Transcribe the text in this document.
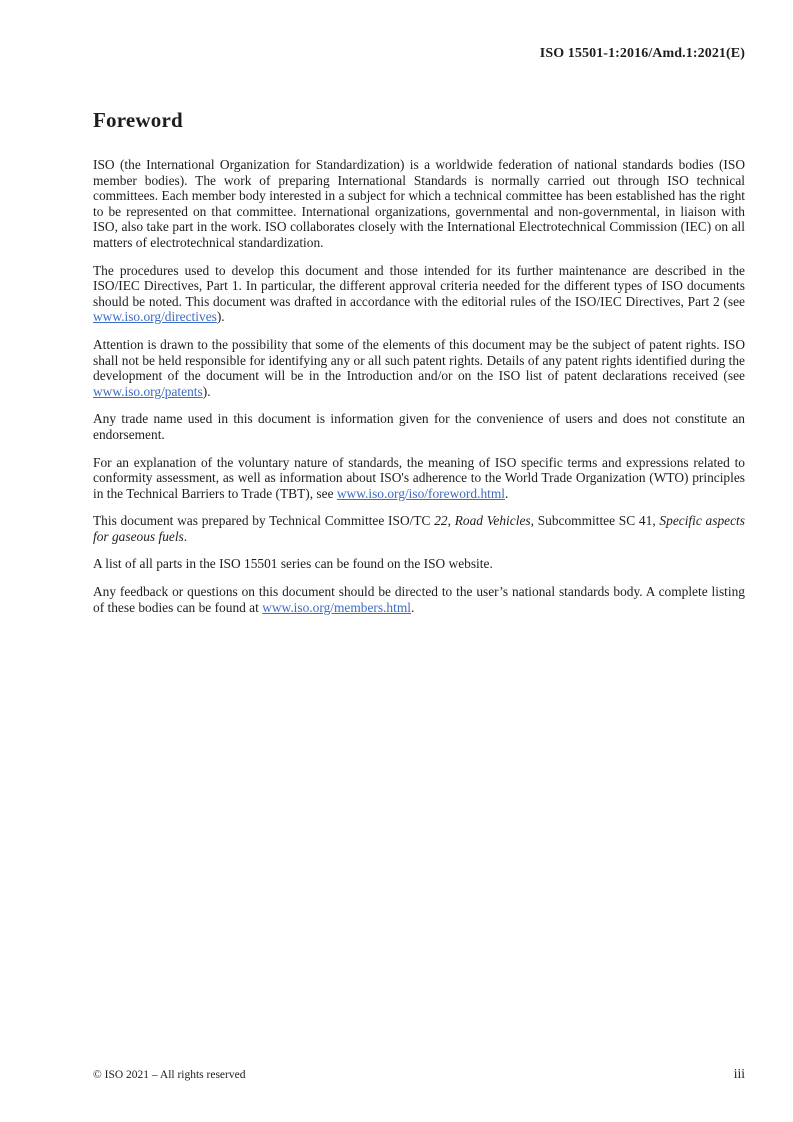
ISO 15501-1:2016/Amd.1:2021(E)
Foreword

ISO (the International Organization for Standardization) is a worldwide federation of national standards bodies (ISO member bodies). The work of preparing International Standards is normally carried out through ISO technical committees. Each member body interested in a subject for which a technical committee has been established has the right to be represented on that committee. International organizations, governmental and non-governmental, in liaison with ISO, also take part in the work. ISO collaborates closely with the International Electrotechnical Commission (IEC) on all matters of electrotechnical standardization.

The procedures used to develop this document and those intended for its further maintenance are described in the ISO/IEC Directives, Part 1. In particular, the different approval criteria needed for the different types of ISO documents should be noted. This document was drafted in accordance with the editorial rules of the ISO/IEC Directives, Part 2 (see www.iso.org/directives).

Attention is drawn to the possibility that some of the elements of this document may be the subject of patent rights. ISO shall not be held responsible for identifying any or all such patent rights. Details of any patent rights identified during the development of the document will be in the Introduction and/or on the ISO list of patent declarations received (see www.iso.org/patents).

Any trade name used in this document is information given for the convenience of users and does not constitute an endorsement.

For an explanation of the voluntary nature of standards, the meaning of ISO specific terms and expressions related to conformity assessment, as well as information about ISO's adherence to the World Trade Organization (WTO) principles in the Technical Barriers to Trade (TBT), see www.iso.org/iso/foreword.html.

This document was prepared by Technical Committee ISO/TC 22, Road Vehicles, Subcommittee SC 41, Specific aspects for gaseous fuels.

A list of all parts in the ISO 15501 series can be found on the ISO website.

Any feedback or questions on this document should be directed to the user’s national standards body. A complete listing of these bodies can be found at www.iso.org/members.html.

© ISO 2021 – All rights reserved	iii
